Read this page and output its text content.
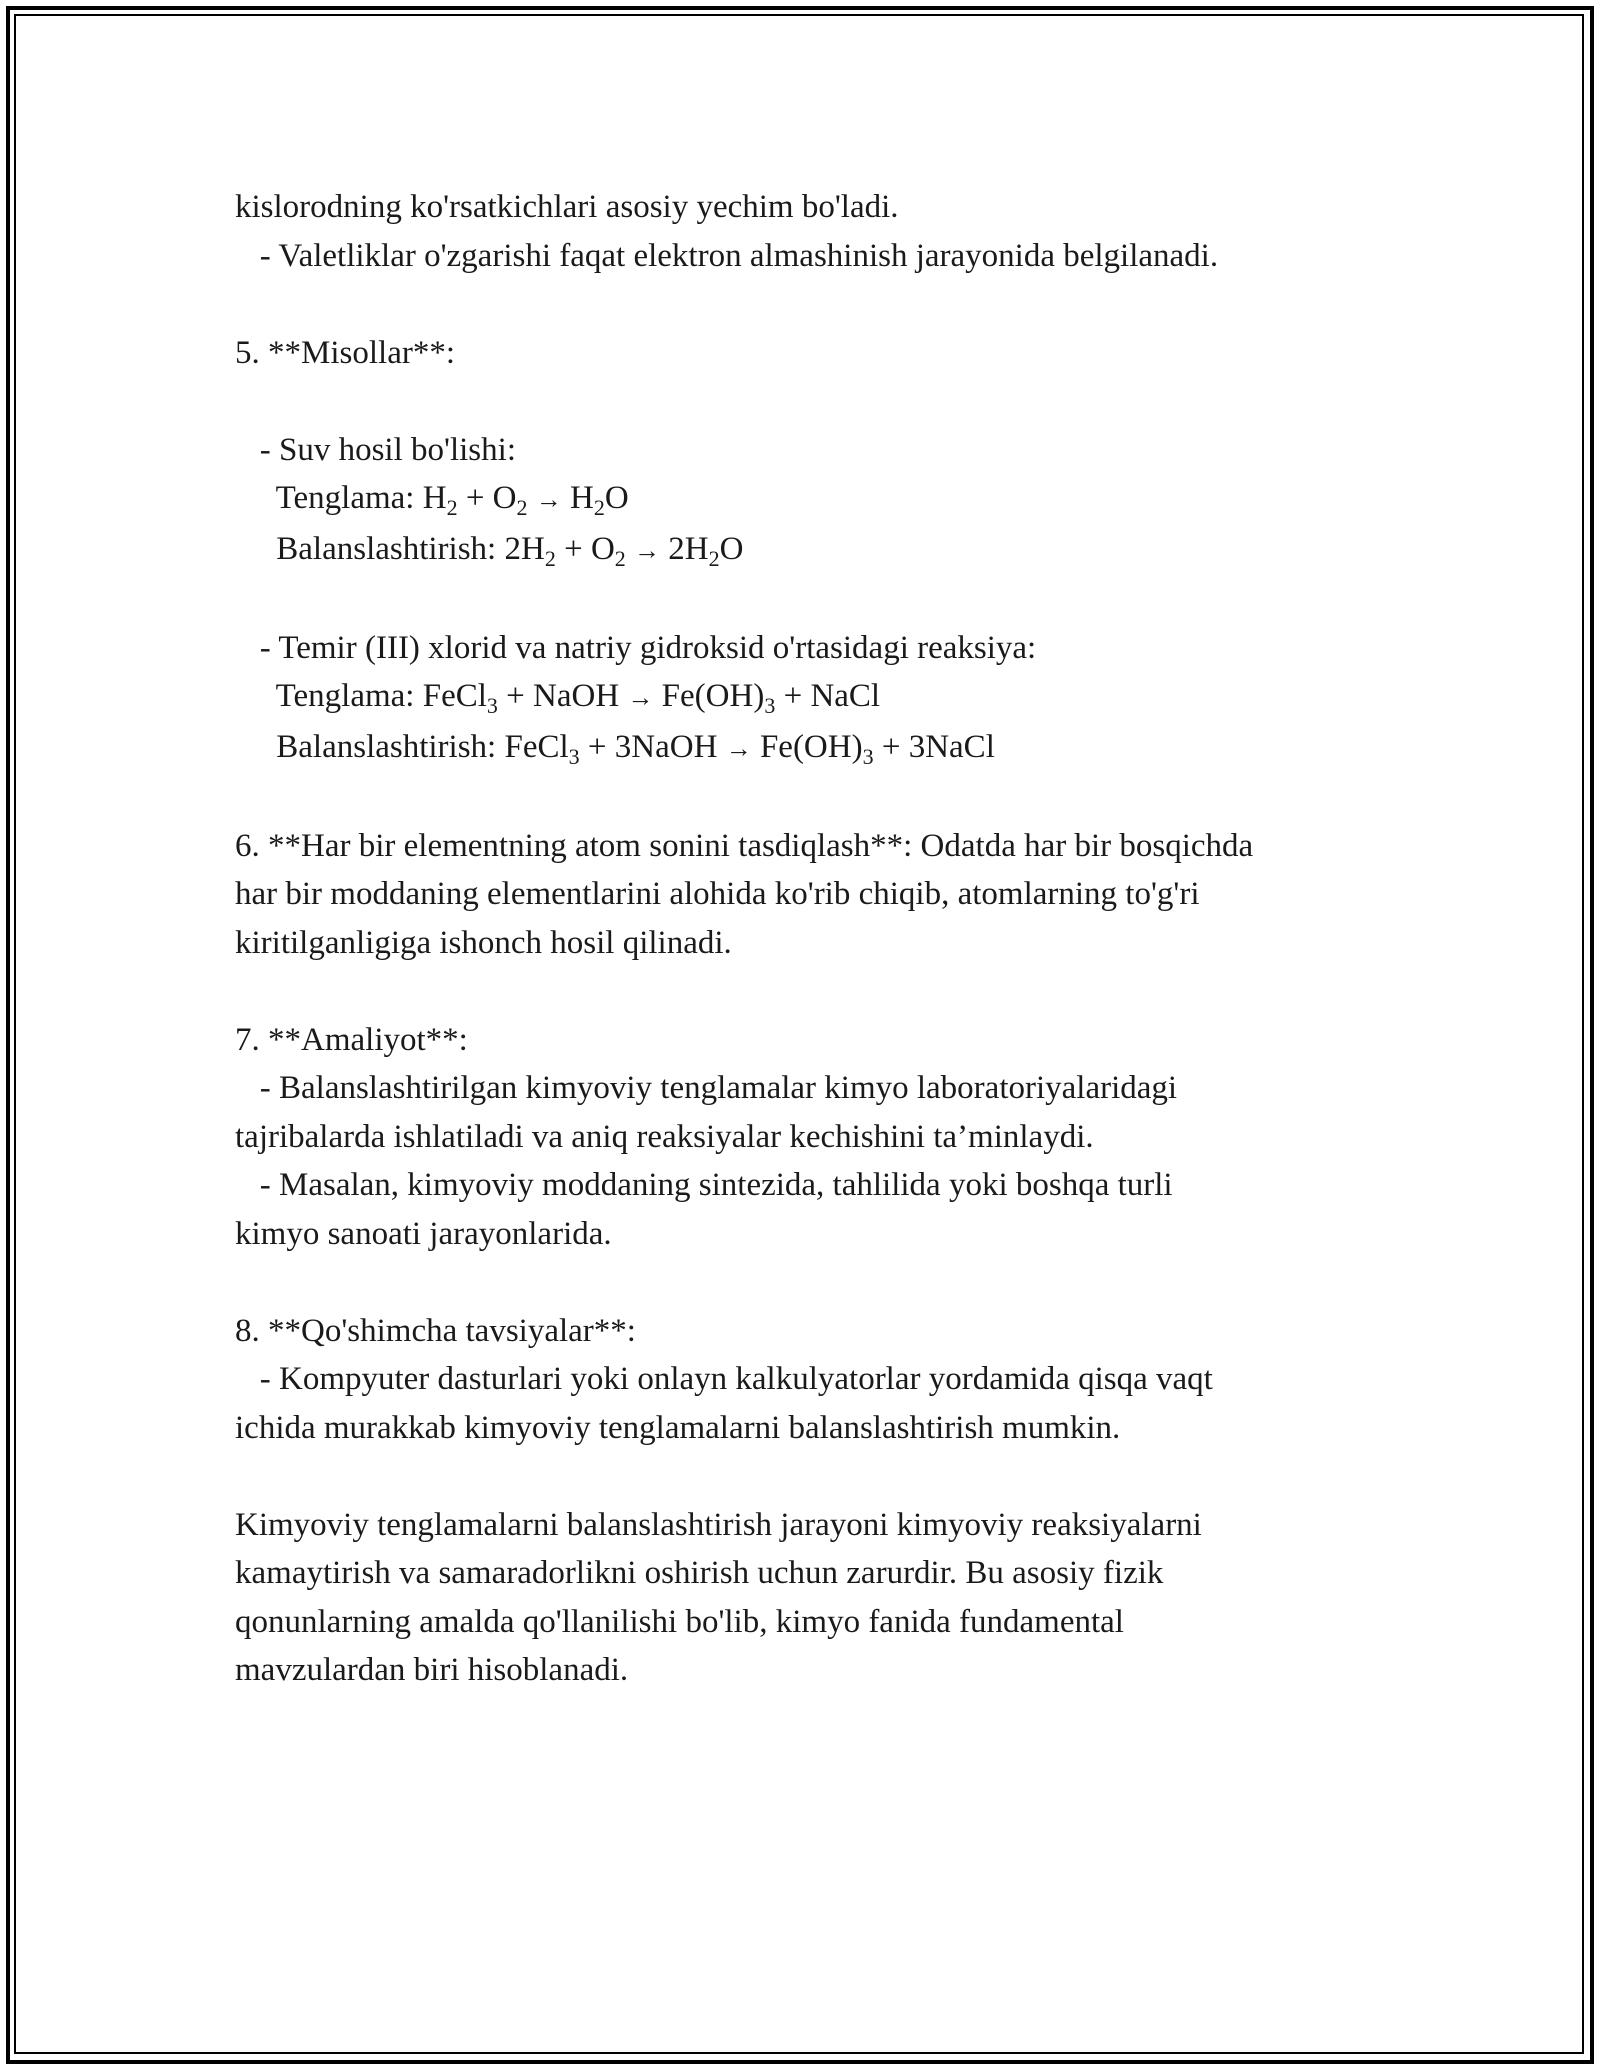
kislorodning ko'rsatkichlari asosiy yechim bo'ladi.
- Valetliklar o'zgarishi faqat elektron almashinish jarayonida belgilanadi.
5. **Misollar**:
- Suv hosil bo'lishi:
Tenglama: $H_2 + O_2 \to H_2O$
Balanslashtirish: $2H_2 + O_2 \to 2H_2O$
- Temir (III) xlorid va natriy gidroksid o'rtasidagi reaksiya:
Tenglama: FeCl$_3$ + NaOH → $Fe(OH)_3$ + NaCl
Balanslashtirish: FeCl$_3$ + 3NaOH → $Fe(OH)_3$ + 3NaCl
6. **Har bir elementning atom sonini tasdiqlash**: Odatda har bir bosqichda
har bir moddaning elementlarini alohida ko'rib chiqib, atomlarning to'g'ri
kiritilganligiga ishonch hosil qilinadi.
7. **Amaliyot**:
- Balanslashtirilgan kimyoviy tenglamalar kimyo laboratoriyalaridagi
tajribalarda ishlatiladi va aniq reaksiyalar kechishini ta’minlaydi.
- Masalan, kimyoviy moddaning sintezida, tahlilida yoki boshqa turli
kimyo sanoati jarayonlarida.
8. **Qo'shimcha tavsiyalar**:
- Kompyuter dasturlari yoki onlayn kalkulyatorlar yordamida qisqa vaqt
ichida murakkab kimyoviy tenglamalarni balanslashtirish mumkin.
Kimyoviy tenglamalarni balanslashtirish jarayoni kimyoviy reaksiyalarni
kamaytirish va samaradorlikni oshirish uchun zarurdir. Bu asosiy fizik
qonunlarning amalda qo'llanilishi bo'lib, kimyo fanida fundamental
mavzulardan biri hisoblanadi.
